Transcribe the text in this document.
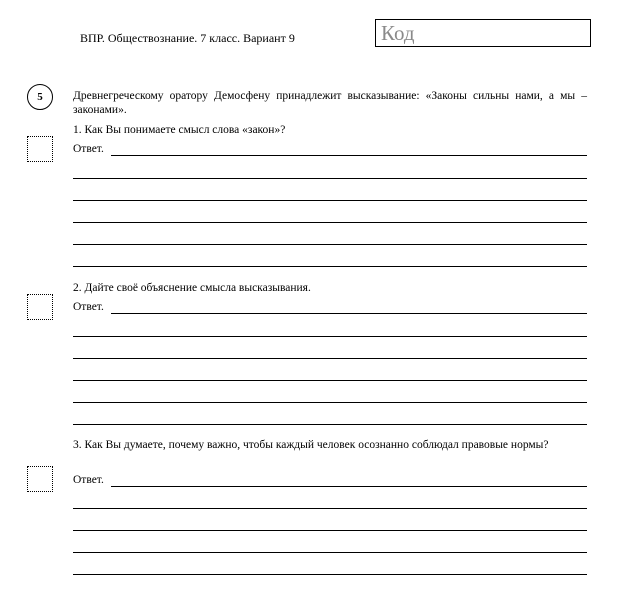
ВПР. Обществознание. 7 класс. Вариант 9	Код
5	Древнегреческому оратору Демосфену принадлежит высказывание: «Законы сильны нами, а мы – законами».
1. Как Вы понимаете смысл слова «закон»?
Ответ.
2. Дайте своё объяснение смысла высказывания.
Ответ.
3. Как Вы думаете, почему важно, чтобы каждый человек осознанно соблюдал правовые нормы?
Ответ.
